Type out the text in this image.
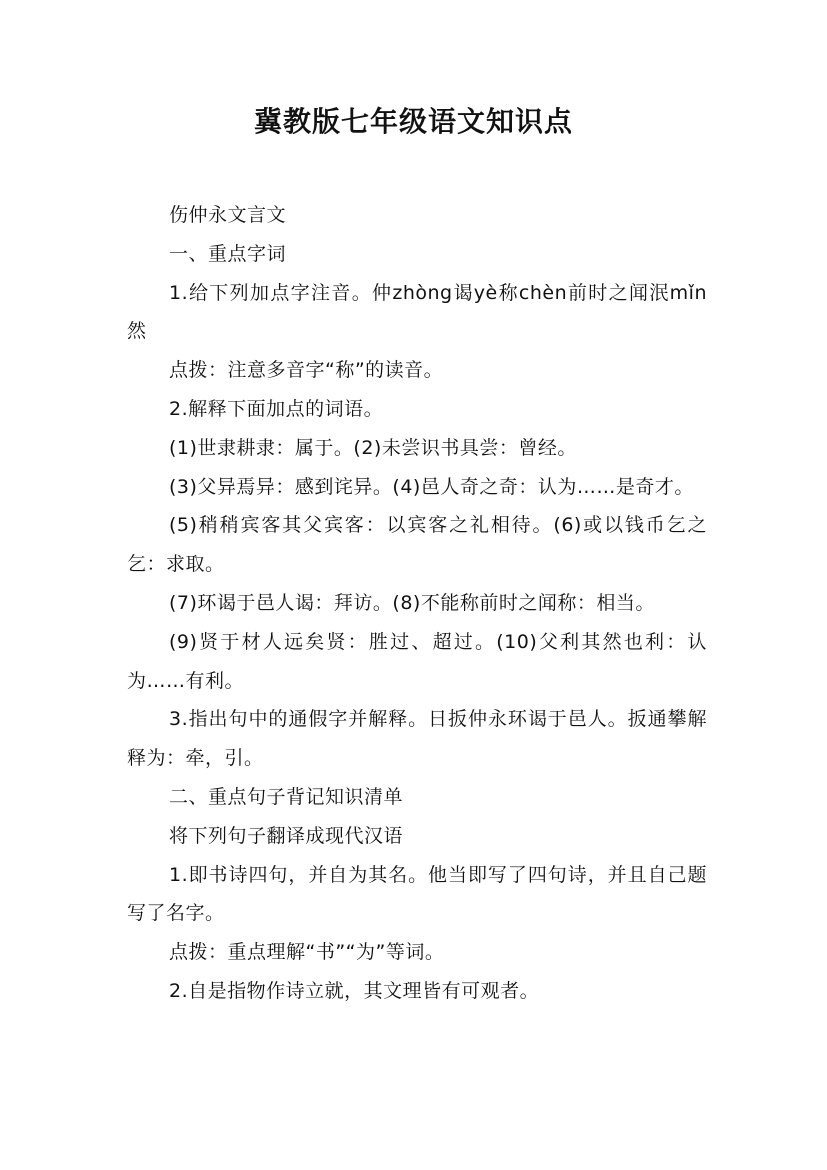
冀教版七年级语文知识点

伤仲永文言文

一、重点字词

1.给下列加点字注音。仲zhòng谒yè称chèn前时之闻泯mǐn然

点拨：注意多音字“称”的读音。

2.解释下面加点的词语。

(1)世隶耕隶：属于。(2)未尝识书具尝：曾经。

(3)父异焉异：感到诧异。(4)邑人奇之奇：认为……是奇才。

(5)稍稍宾客其父宾客：以宾客之礼相待。(6)或以钱币乞之乞：求取。

(7)环谒于邑人谒：拜访。(8)不能称前时之闻称：相当。

(9)贤于材人远矣贤：胜过、超过。(10)父利其然也利：认为……有利。

3.指出句中的通假字并解释。日扳仲永环谒于邑人。扳通攀解释为：牵，引。

二、重点句子背记知识清单

将下列句子翻译成现代汉语

1.即书诗四句，并自为其名。他当即写了四句诗，并且自己题写了名字。

点拨：重点理解“书”“为”等词。

2.自是指物作诗立就，其文理皆有可观者。
